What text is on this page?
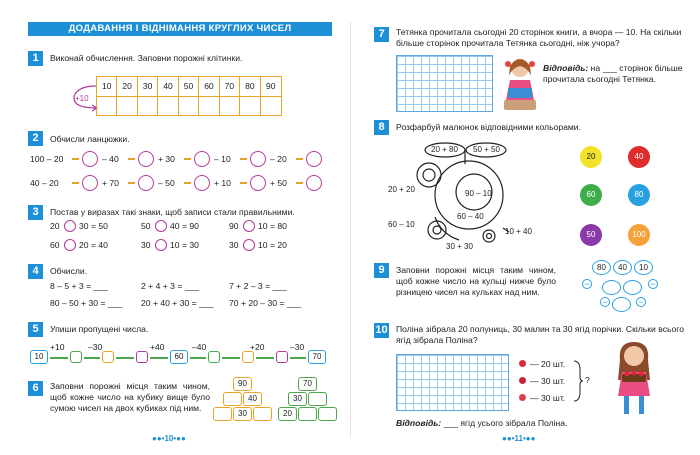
ДОДАВАННЯ І ВІДНІМАННЯ КРУГЛИХ ЧИСЕЛ
1	Виконай обчислення. Заповни порожні клітинки.
+10
10	20	30	40	50	60	70	80	90
2	Обчисли ланцюжки.
100 – 20	– 40	+ 30	– 10	– 20
40 – 20	+ 70	– 50	+ 10	+ 50
3	Постав у виразах такі знаки, щоб записи стали правильними.
20 30 = 50	50 40 = 90	90 10 = 80
60 20 = 40	30 10 = 30	30 10 = 20
4	Обчисли.
8 – 5 + 3 = ___	2 + 4 + 3 = ___	7 + 2 – 3 = ___
80 – 50 + 30 = ___ 20 + 40 + 30 = ___ 70 + 20 – 30 = ___
5	Упиши пропущені числа.
10	60	70
+10	–30	+40	–40	+20	–30
6	Заповни порожні місця таким чином, щоб кожне число на кубику вище було сумою чисел на двох кубиках під ним.
90
40
30
70
30
20
●●•10•●●
7	Тетянка прочитала сьогодні 20 сторінок книги, а вчора — 10. На скільки більше сторінок прочитала Тетянка сьогодні, ніж учора?
Відповідь: на ___ сторінок більше прочитала сьогодні Тетянка.
8	Розфарбуй малюнок відповідними кольорами.
20 + 80 50 + 50
20 + 20	90 – 10
60 – 40
60 – 10
30 + 30
10 + 40
20	40
60	80
50	100
9	Заповни порожні місця таким чином, щоб кожне число на кульці нижче було різницею чисел на кульках над ним.
80	40	10
−	−
−	−
10 Поліна зібрала 20 полуниць, 30 малин та 30 ягід порічки. Скільки всього ягід зібрала Поліна?
— 20 шт.
— 30 шт.
— 30 шт.
?
Відповідь: ___ ягід усього зібрала Поліна.
●●•11•●●
